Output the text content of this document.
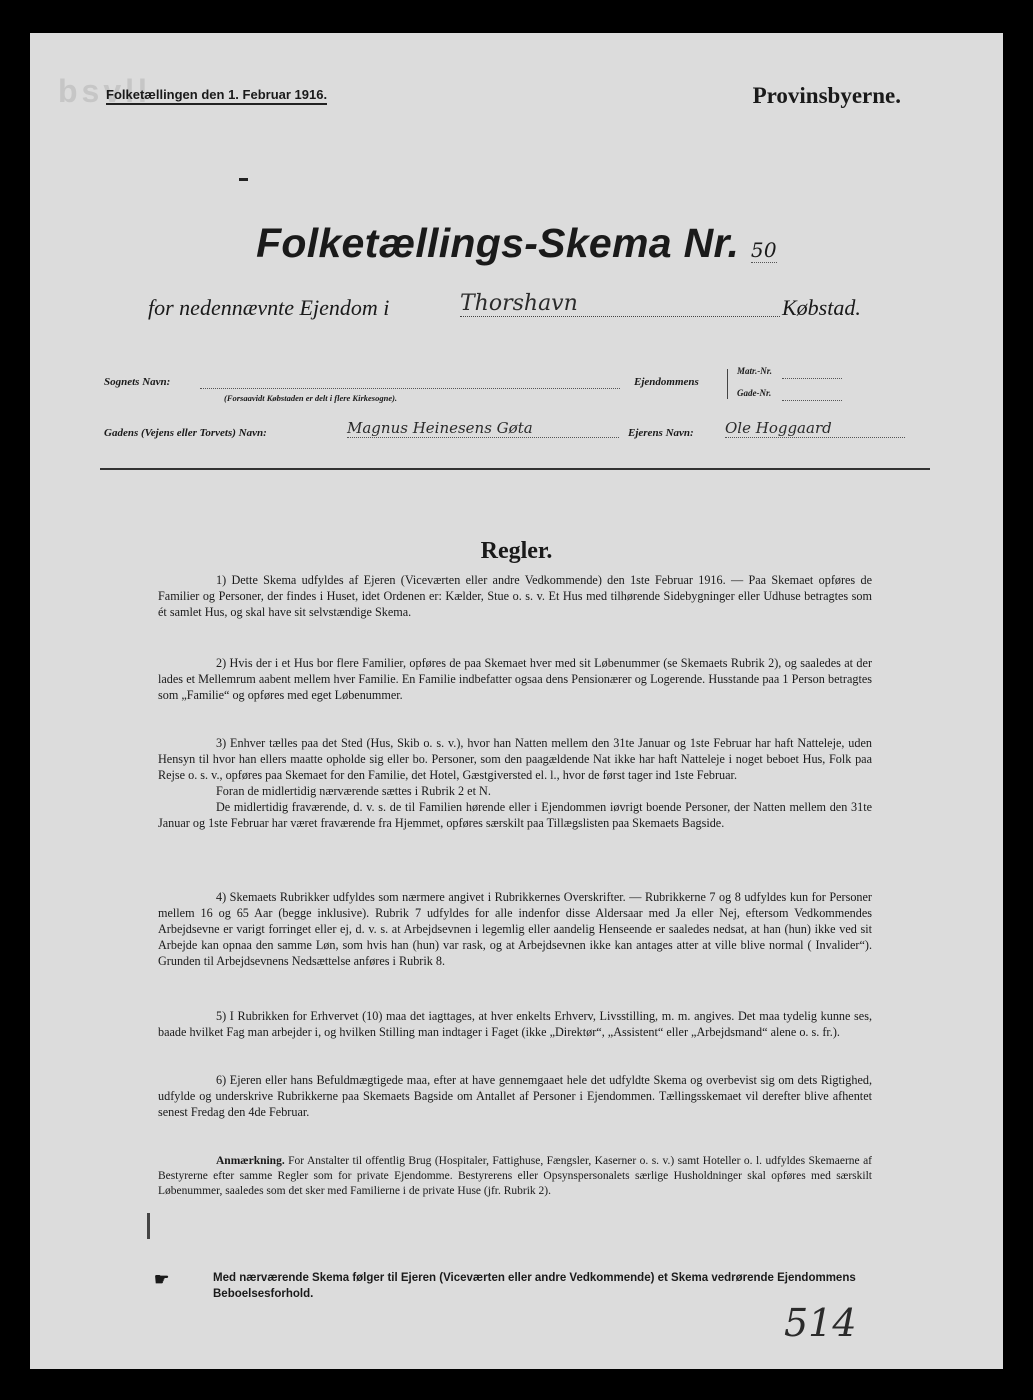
bsvll
Folketællingen den 1. Februar 1916.	Provinsbyerne.
Folketællings-Skema Nr. 50
for nedennævnte Ejendom i	Thorshavn	Købstad.
Sognets Navn:
(Forsaavidt Købstaden er delt i flere Kirkesogne).
Ejendommens
Matr.-Nr.
Gade-Nr.
Gadens (Vejens eller Torvets) Navn:	Magnus Heinesens Gøta	Ejerens Navn: Ole Hoggaard
Regler.

1) Dette Skema udfyldes af Ejeren (Viceværten eller andre Vedkommende) den 1ste Februar 1916. — Paa Skemaet opføres de Familier og Personer, der findes i Huset, idet Ordenen er: Kælder, Stue o. s. v. Et Hus med tilhørende Sidebygninger eller Udhuse betragtes som ét samlet Hus, og skal have sit selvstændige Skema.

2) Hvis der i et Hus bor flere Familier, opføres de paa Skemaet hver med sit Løbenummer (se Skemaets Rubrik 2), og saaledes at der lades et Mellemrum aabent mellem hver Familie. En Familie indbefatter ogsaa dens Pensionærer og Logerende. Husstande paa 1 Person betragtes som „Familie“ og opføres med eget Løbenummer.

3) Enhver tælles paa det Sted (Hus, Skib o. s. v.), hvor han Natten mellem den 31te Januar og 1ste Februar har haft Natteleje, uden Hensyn til hvor han ellers maatte opholde sig eller bo. Personer, som den paagældende Nat ikke har haft Natteleje i noget beboet Hus, Folk paa Rejse o. s. v., opføres paa Skemaet for den Familie, det Hotel, Gæstgiversted el. l., hvor de først tager ind 1ste Februar.

Foran de midlertidig nærværende sættes i Rubrik 2 et N.

De midlertidig fraværende, d. v. s. de til Familien hørende eller i Ejendommen iøvrigt boende Personer, der Natten mellem den 31te Januar og 1ste Februar har været fraværende fra Hjemmet, opføres særskilt paa Tillægslisten paa Skemaets Bagside.

4) Skemaets Rubrikker udfyldes som nærmere angivet i Rubrikkernes Overskrifter. — Rubrikkerne 7 og 8 udfyldes kun for Personer mellem 16 og 65 Aar (begge inklusive). Rubrik 7 udfyldes for alle indenfor disse Aldersaar med Ja eller Nej, eftersom Vedkommendes Arbejdsevne er varigt forringet eller ej, d. v. s. at Arbejdsevnen i legemlig eller aandelig Henseende er saaledes nedsat, at han (hun) ikke ved sit Arbejde kan opnaa den samme Løn, som hvis han (hun) var rask, og at Arbejdsevnen ikke kan antages atter at ville blive normal ( Invalider“). Grunden til Arbejdsevnens Nedsættelse anføres i Rubrik 8.

5) I Rubrikken for Erhvervet (10) maa det iagttages, at hver enkelts Erhverv, Livsstilling, m. m. angives. Det maa tydelig kunne ses, baade hvilket Fag man arbejder i, og hvilken Stilling man indtager i Faget (ikke „Direktør“, „Assistent“ eller „Arbejdsmand“ alene o. s. fr.).

6) Ejeren eller hans Befuldmægtigede maa, efter at have gennemgaaet hele det udfyldte Skema og overbevist sig om dets Rigtighed, udfylde og underskrive Rubrikkerne paa Skemaets Bagside om Antallet af Personer i Ejendommen. Tællingsskemaet vil derefter blive afhentet senest Fredag den 4de Februar.

Anmærkning. For Anstalter til offentlig Brug (Hospitaler, Fattighuse, Fængsler, Kaserner o. s. v.) samt Hoteller o. l. udfyldes Skemaerne af Bestyrerne efter samme Regler som for private Ejendomme. Bestyrerens eller Opsynspersonalets særlige Husholdninger skal opføres med særskilt Løbenummer, saaledes som det sker med Familierne i de private Huse (jfr. Rubrik 2).

☛	Med nærværende Skema følger til Ejeren (Viceværten eller andre Vedkommende) et Skema vedrørende Ejendommens Beboelsesforhold.
514
